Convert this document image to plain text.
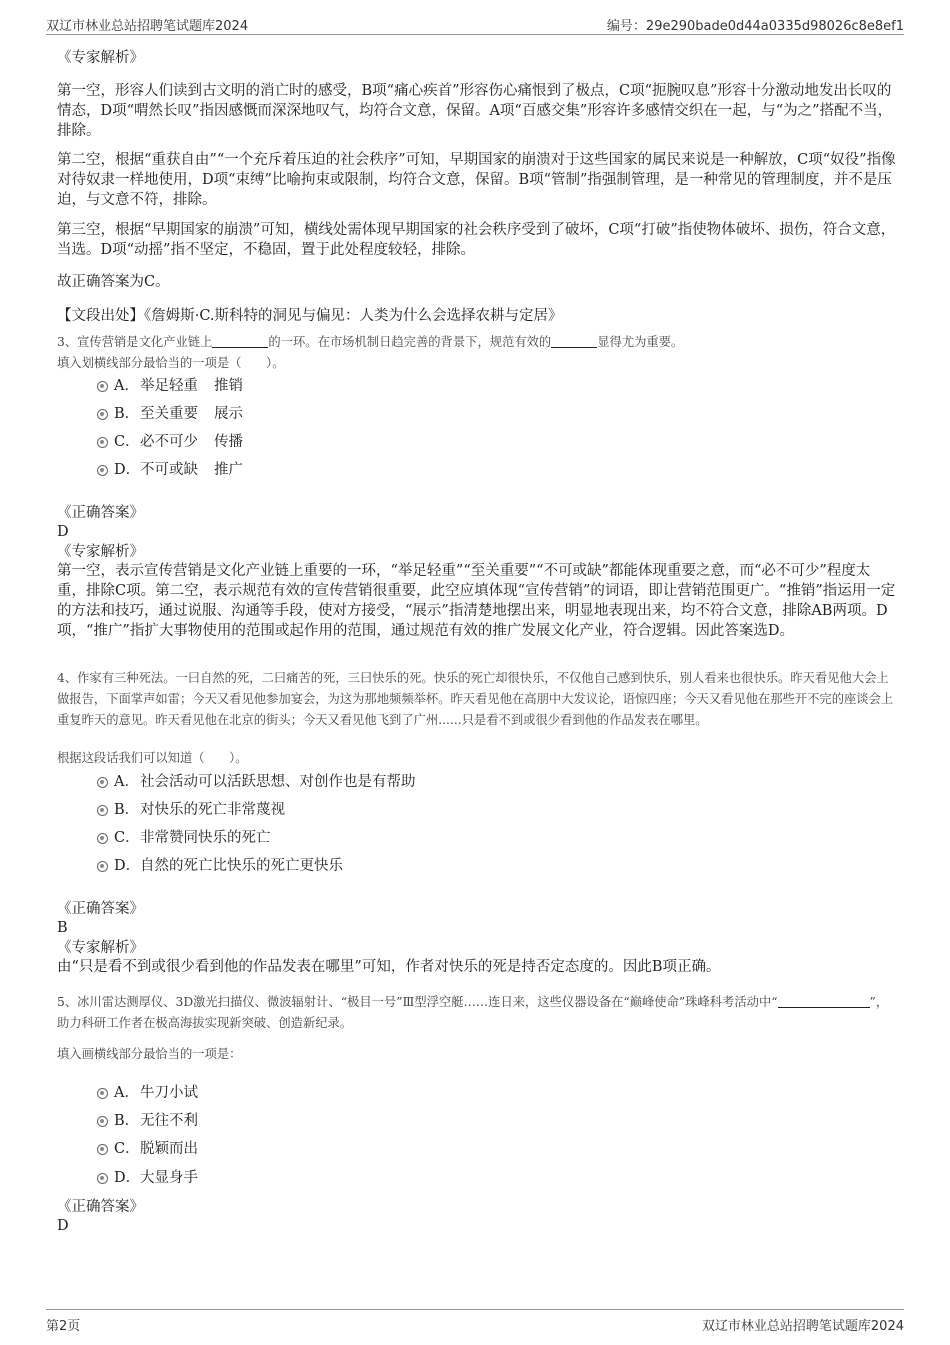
双辽市林业总站招聘笔试题库2024	编号：29e290bade0d44a0335d98026c8e8ef1
《专家解析》
第一空，形容人们读到古文明的消亡时的感受，B项“痛心疾首”形容伤心痛恨到了极点，C项“扼腕叹息”形容十分激动地发出长叹的情态，D项“喟然长叹”指因感慨而深深地叹气，均符合文意，保留。A项“百感交集”形容许多感情交织在一起，与“为之”搭配不当，排除。
第二空，根据“重获自由”“一个充斥着压迫的社会秩序”可知，早期国家的崩溃对于这些国家的属民来说是一种解放，C项“奴役”指像对待奴隶一样地使用，D项“束缚”比喻拘束或限制，均符合文意，保留。B项“管制”指强制管理，是一种常见的管理制度，并不是压迫，与文意不符，排除。
第三空，根据“早期国家的崩溃”可知，横线处需体现早期国家的社会秩序受到了破坏，C项“打破”指使物体破坏、损伤，符合文意，当选。D项“动摇”指不坚定，不稳固，置于此处程度较轻，排除。
故正确答案为C。
【文段出处】《詹姆斯·C.斯科特的洞见与偏见：人类为什么会选择农耕与定居》
3、宣传营销是文化产业链上	的一环。在市场机制日趋完善的背景下，规范有效的	显得尤为重要。
填入划横线部分最恰当的一项是（　　）。
A．举足轻重 推销
B．至关重要 展示
C．必不可少 传播
D．不可或缺 推广
《正确答案》
D
《专家解析》
第一空，表示宣传营销是文化产业链上重要的一环，“举足轻重”“至关重要”“不可或缺”都能体现重要之意，而“必不可少”程度太重，排除C项。第二空，表示规范有效的宣传营销很重要，此空应填体现“宣传营销”的词语，即让营销范围更广。“推销”指运用一定的方法和技巧，通过说服、沟通等手段，使对方接受，“展示”指清楚地摆出来，明显地表现出来，均不符合文意，排除AB两项。D项，“推广”指扩大事物使用的范围或起作用的范围，通过规范有效的推广发展文化产业，符合逻辑。因此答案选D。
4、作家有三种死法。一曰自然的死，二曰痛苦的死，三曰快乐的死。快乐的死亡却很快乐，不仅他自己感到快乐，别人看来也很快乐。昨天看见他大会上做报告，下面掌声如雷；今天又看见他参加宴会，为这为那地频频举杯。昨天看见他在高朋中大发议论，语惊四座；今天又看见他在那些开不完的座谈会上重复昨天的意见。昨天看见他在北京的街头；今天又看见他飞到了广州......只是看不到或很少看到他的作品发表在哪里。
根据这段话我们可以知道（　　）。
A．社会活动可以活跃思想、对创作也是有帮助
B．对快乐的死亡非常蔑视
C．非常赞同快乐的死亡
D．自然的死亡比快乐的死亡更快乐
《正确答案》
B
《专家解析》
由“只是看不到或很少看到他的作品发表在哪里”可知，作者对快乐的死是持否定态度的。因此B项正确。
5、冰川雷达测厚仪、3D激光扫描仪、微波辐射计、“极目一号”Ⅲ型浮空艇……连日来，这些仪器设备在“巅峰使命”珠峰科考活动中“	”，助力科研工作者在极高海拔实现新突破、创造新纪录。
填入画横线部分最恰当的一项是：
A．牛刀小试
B．无往不利
C．脱颖而出
D．大显身手
《正确答案》
D
第2页	双辽市林业总站招聘笔试题库2024
